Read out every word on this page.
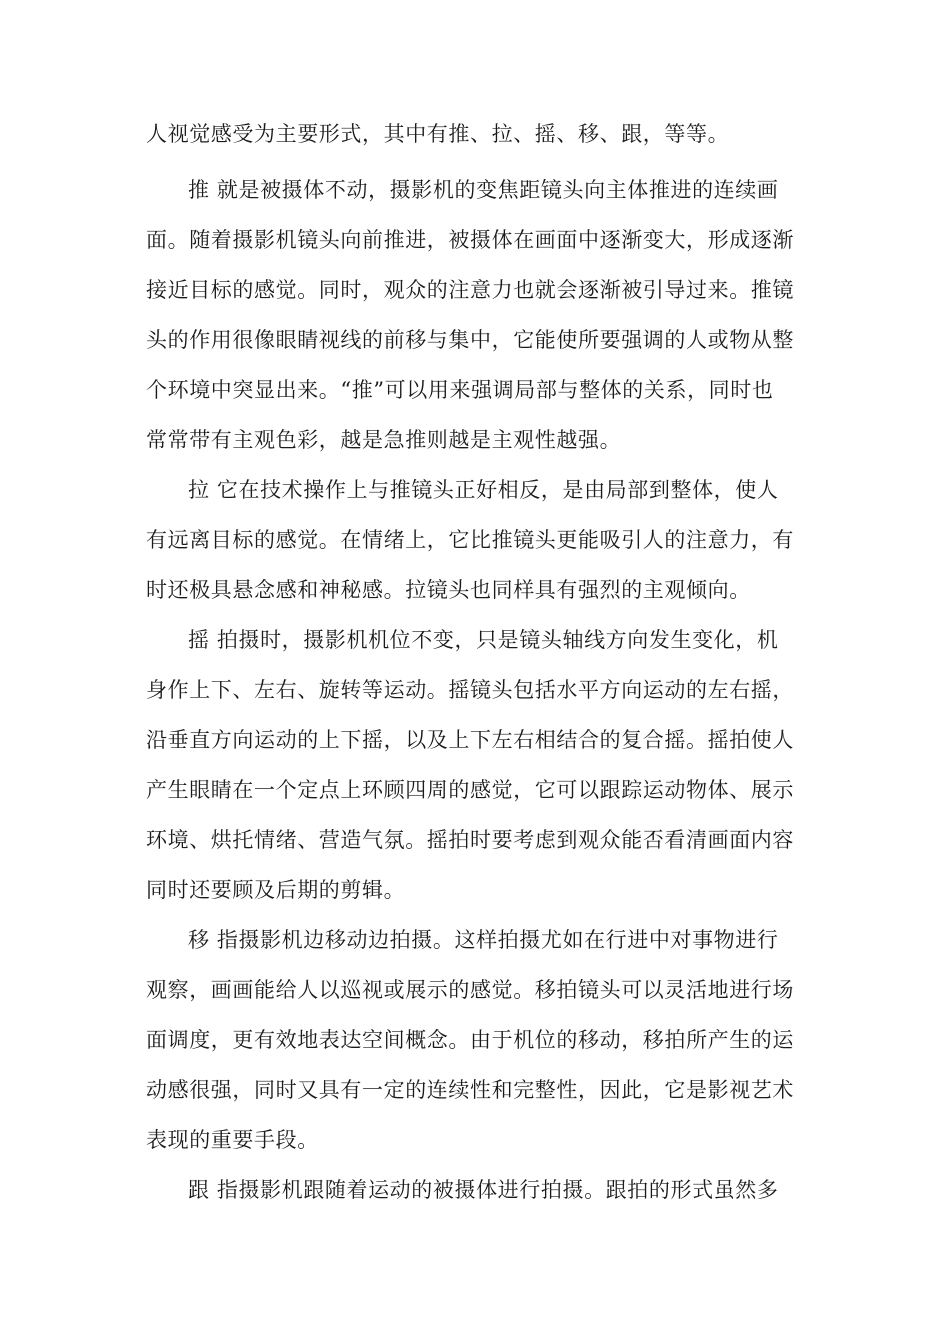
人视觉感受为主要形式，其中有推、拉、摇、移、跟，等等。
推 就是被摄体不动，摄影机的变焦距镜头向主体推进的连续画
面。随着摄影机镜头向前推进，被摄体在画面中逐渐变大，形成逐渐
接近目标的感觉。同时，观众的注意力也就会逐渐被引导过来。推镜
头的作用很像眼睛视线的前移与集中，它能使所要强调的人或物从整
个环境中突显出来。“推”可以用来强调局部与整体的关系，同时也
常常带有主观色彩，越是急推则越是主观性越强。
拉 它在技术操作上与推镜头正好相反，是由局部到整体，使人
有远离目标的感觉。在情绪上，它比推镜头更能吸引人的注意力，有
时还极具悬念感和神秘感。拉镜头也同样具有强烈的主观倾向。
摇 拍摄时，摄影机机位不变，只是镜头轴线方向发生变化，机
身作上下、左右、旋转等运动。摇镜头包括水平方向运动的左右摇，
沿垂直方向运动的上下摇，以及上下左右相结合的复合摇。摇拍使人
产生眼睛在一个定点上环顾四周的感觉，它可以跟踪运动物体、展示
环境、烘托情绪、营造气氛。摇拍时要考虑到观众能否看清画面内容
同时还要顾及后期的剪辑。
移 指摄影机边移动边拍摄。这样拍摄尤如在行进中对事物进行
观察，画画能给人以巡视或展示的感觉。移拍镜头可以灵活地进行场
面调度，更有效地表达空间概念。由于机位的移动，移拍所产生的运
动感很强，同时又具有一定的连续性和完整性，因此，它是影视艺术
表现的重要手段。
跟 指摄影机跟随着运动的被摄体进行拍摄。跟拍的形式虽然多
